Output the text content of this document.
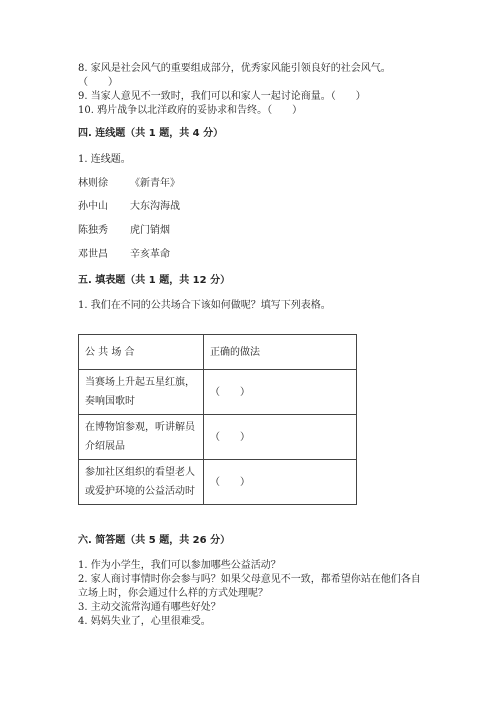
8. 家风是社会风气的重要组成部分，优秀家风能引领良好的社会风气。
（　　）
9. 当家人意见不一致时，我们可以和家人一起讨论商量。（　　）
10. 鸦片战争以北洋政府的妥协求和告终。（　　）
四. 连线题（共 1 题，共 4 分）
1. 连线题。
林则徐 《新青年》
孙中山 大东沟海战
陈独秀 虎门销烟
邓世昌 辛亥革命
五. 填表题（共 1 题，共 12 分）
1. 我们在不同的公共场合下该如何做呢？填写下列表格。
公 共 场 合	正确的做法
当赛场上升起五星红旗，奏响国歌时	（　　）
在博物馆参观，听讲解员介绍展品	（　　）
参加社区组织的看望老人或爱护环境的公益活动时	（　　）
六. 简答题（共 5 题，共 26 分）
1. 作为小学生，我们可以参加哪些公益活动？
2. 家人商讨事情时你会参与吗？如果父母意见不一致，都希望你站在他们各自
立场上时，你会通过什么样的方式处理呢？
3. 主动交流常沟通有哪些好处？
4. 妈妈失业了，心里很难受。
